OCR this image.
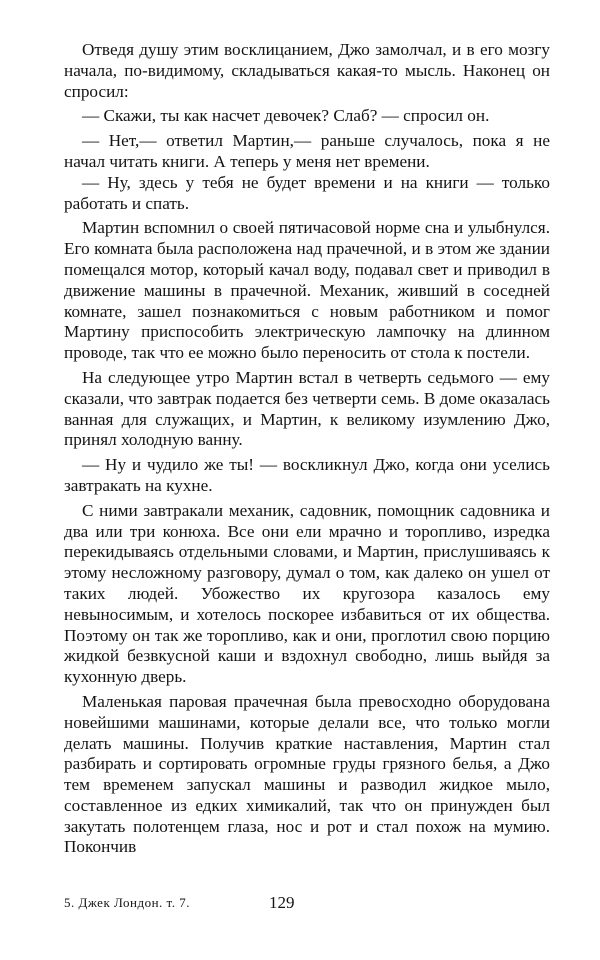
Отведя душу этим восклицанием, Джо замолчал, и в его мозгу начала, по-видимому, складываться какая-то мысль. Наконец он спросил:

— Скажи, ты как насчет девочек? Слаб? — спросил он.

— Нет,— ответил Мартин,— раньше случалось, пока я не начал читать книги. А теперь у меня нет времени.

— Ну, здесь у тебя не будет времени и на книги — только работать и спать.

Мартин вспомнил о своей пятичасовой норме сна и улыбнулся. Его комната была расположена над прачечной, и в этом же здании помещался мотор, который качал воду, подавал свет и приводил в движение машины в прачечной. Механик, живший в соседней комнате, зашел познакомиться с новым работником и помог Мартину приспособить электрическую лампочку на длинном проводе, так что ее можно было переносить от стола к постели.

На следующее утро Мартин встал в четверть седьмого — ему сказали, что завтрак подается без четверти семь. В доме оказалась ванная для служащих, и Мартин, к великому изумлению Джо, принял холодную ванну.

— Ну и чудило же ты! — воскликнул Джо, когда они уселись завтракать на кухне.

С ними завтракали механик, садовник, помощник садовника и два или три конюха. Все они ели мрачно и торопливо, изредка перекидываясь отдельными словами, и Мартин, прислушиваясь к этому несложному разговору, думал о том, как далеко он ушел от таких людей. Убожество их кругозора казалось ему невыносимым, и хотелось поскорее избавиться от их общества. Поэтому он так же торопливо, как и они, проглотил свою порцию жидкой безвкусной каши и вздохнул свободно, лишь выйдя за кухонную дверь.

Маленькая паровая прачечная была превосходно оборудована новейшими машинами, которые делали все, что только могли делать машины. Получив краткие наставления, Мартин стал разбирать и сортировать огромные груды грязного белья, а Джо тем временем запускал машины и разводил жидкое мыло, составленное из едких химикалий, так что он принужден был закутать полотенцем глаза, нос и рот и стал похож на мумию. Покончив

5. Джек Лондон. т. 7.	129
